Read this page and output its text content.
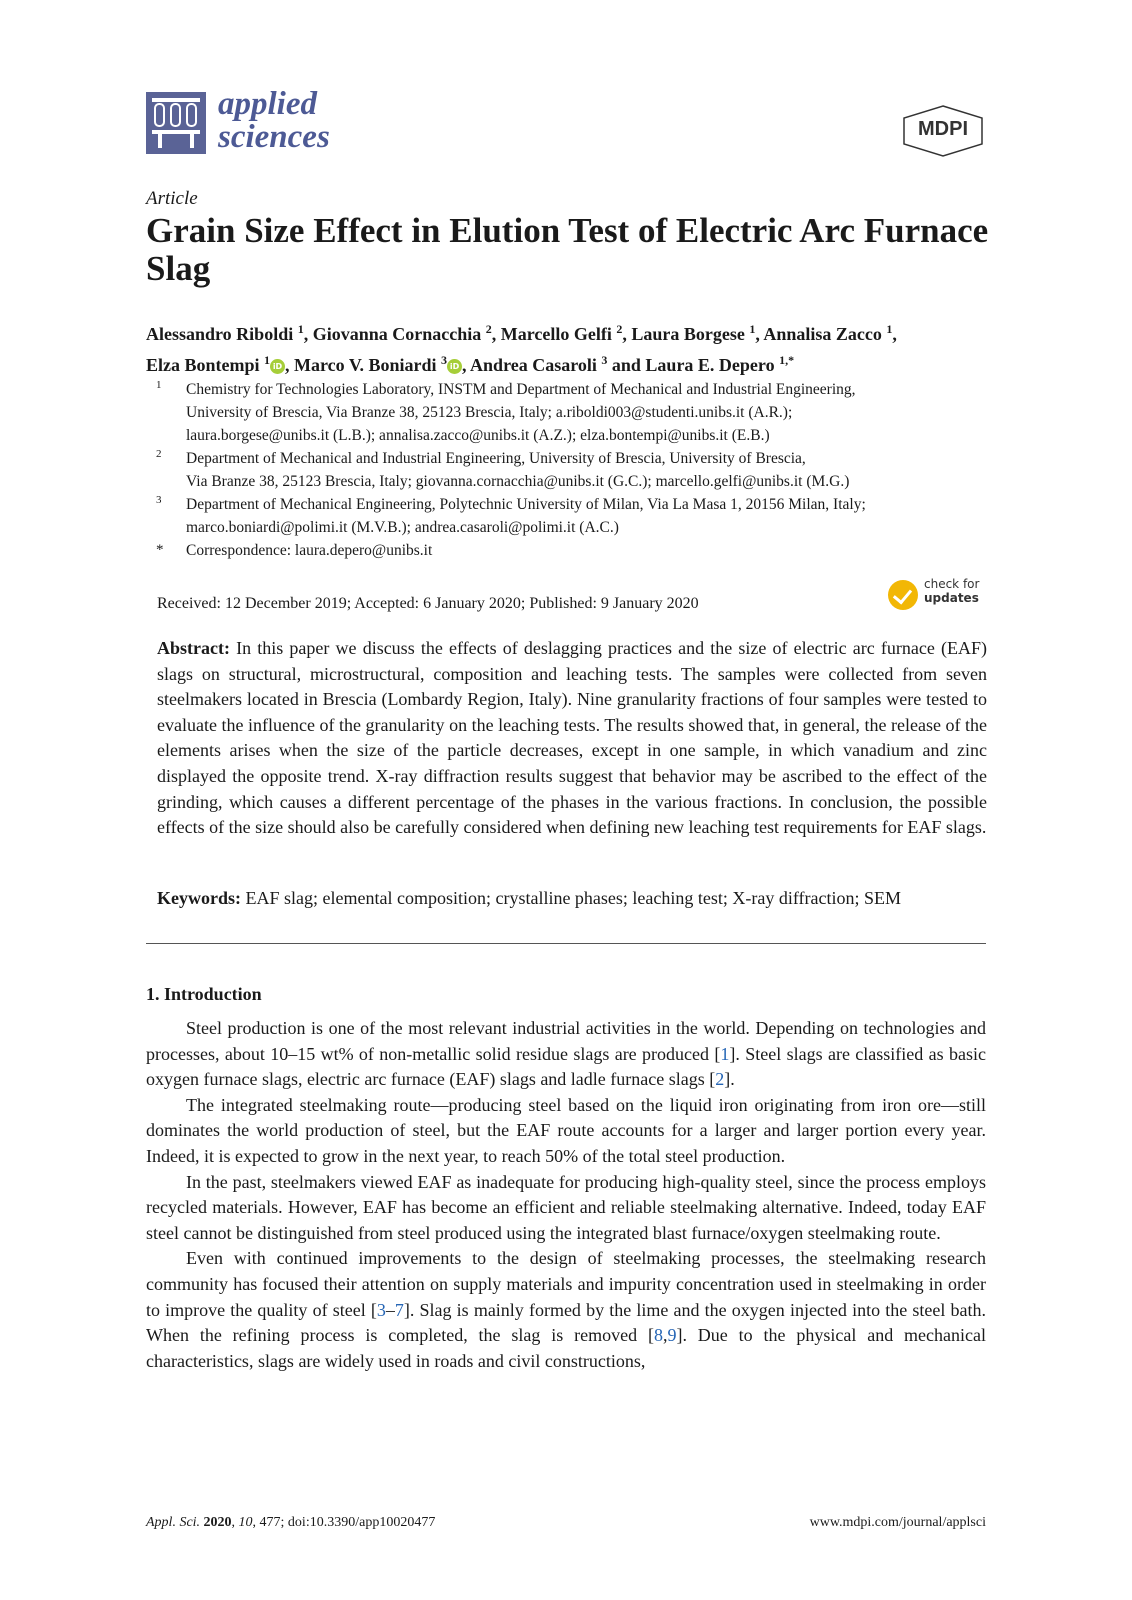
applied
sciences	MDPI
Article
Grain Size Effect in Elution Test of Electric Arc Furnace Slag
Alessandro Riboldi $^1$, Giovanna Cornacchia $^2$, Marcello Gelfi $^2$, Laura Borgese $^1$, Annalisa Zacco $^1$,
Elza Bontempi $^1$ iD , Marco V. Boniardi $^3$ iD , Andrea Casaroli $^3$ and Laura E. Depero $^{1,*}$
1 Chemistry for Technologies Laboratory, INSTM and Department of Mechanical and Industrial Engineering,
University of Brescia, Via Branze 38, 25123 Brescia, Italy; a.riboldi003@studenti.unibs.it (A.R.);
laura.borgese@unibs.it (L.B.); annalisa.zacco@unibs.it (A.Z.); elza.bontempi@unibs.it (E.B.)
2 Department of Mechanical and Industrial Engineering, University of Brescia, University of Brescia,
Via Branze 38, 25123 Brescia, Italy; giovanna.cornacchia@unibs.it (G.C.); marcello.gelfi@unibs.it (M.G.)
3 Department of Mechanical Engineering, Polytechnic University of Milan, Via La Masa 1, 20156 Milan, Italy;
marco.boniardi@polimi.it (M.V.B.); andrea.casaroli@polimi.it (A.C.)
* Correspondence: laura.depero@unibs.it
Received: 12 December 2019; Accepted: 6 January 2020; Published: 9 January 2020
check for
updates
Abstract: In this paper we discuss the effects of deslagging practices and the size of electric arc furnace (EAF) slags on structural, microstructural, composition and leaching tests. The samples were collected from seven steelmakers located in Brescia (Lombardy Region, Italy). Nine granularity fractions of four samples were tested to evaluate the influence of the granularity on the leaching tests. The results showed that, in general, the release of the elements arises when the size of the particle decreases, except in one sample, in which vanadium and zinc displayed the opposite trend. X-ray diffraction results suggest that behavior may be ascribed to the effect of the grinding, which causes a different percentage of the phases in the various fractions. In conclusion, the possible effects of the size should also be carefully considered when defining new leaching test requirements for EAF slags.
Keywords: EAF slag; elemental composition; crystalline phases; leaching test; X-ray diffraction; SEM
1. Introduction

Steel production is one of the most relevant industrial activities in the world. Depending on technologies and processes, about 10–15 wt% of non-metallic solid residue slags are produced [1]. Steel slags are classified as basic oxygen furnace slags, electric arc furnace (EAF) slags and ladle furnace slags [2].

The integrated steelmaking route—producing steel based on the liquid iron originating from iron ore—still dominates the world production of steel, but the EAF route accounts for a larger and larger portion every year. Indeed, it is expected to grow in the next year, to reach 50% of the total steel production.

In the past, steelmakers viewed EAF as inadequate for producing high-quality steel, since the process employs recycled materials. However, EAF has become an efficient and reliable steelmaking alternative. Indeed, today EAF steel cannot be distinguished from steel produced using the integrated blast furnace/oxygen steelmaking route.

Even with continued improvements to the design of steelmaking processes, the steelmaking research community has focused their attention on supply materials and impurity concentration used in steelmaking in order to improve the quality of steel [3–7]. Slag is mainly formed by the lime and the oxygen injected into the steel bath. When the refining process is completed, the slag is removed [8,9]. Due to the physical and mechanical characteristics, slags are widely used in roads and civil constructions,

Appl. Sci. 2020, 10, 477; doi:10.3390/app10020477	www.mdpi.com/journal/applsci
